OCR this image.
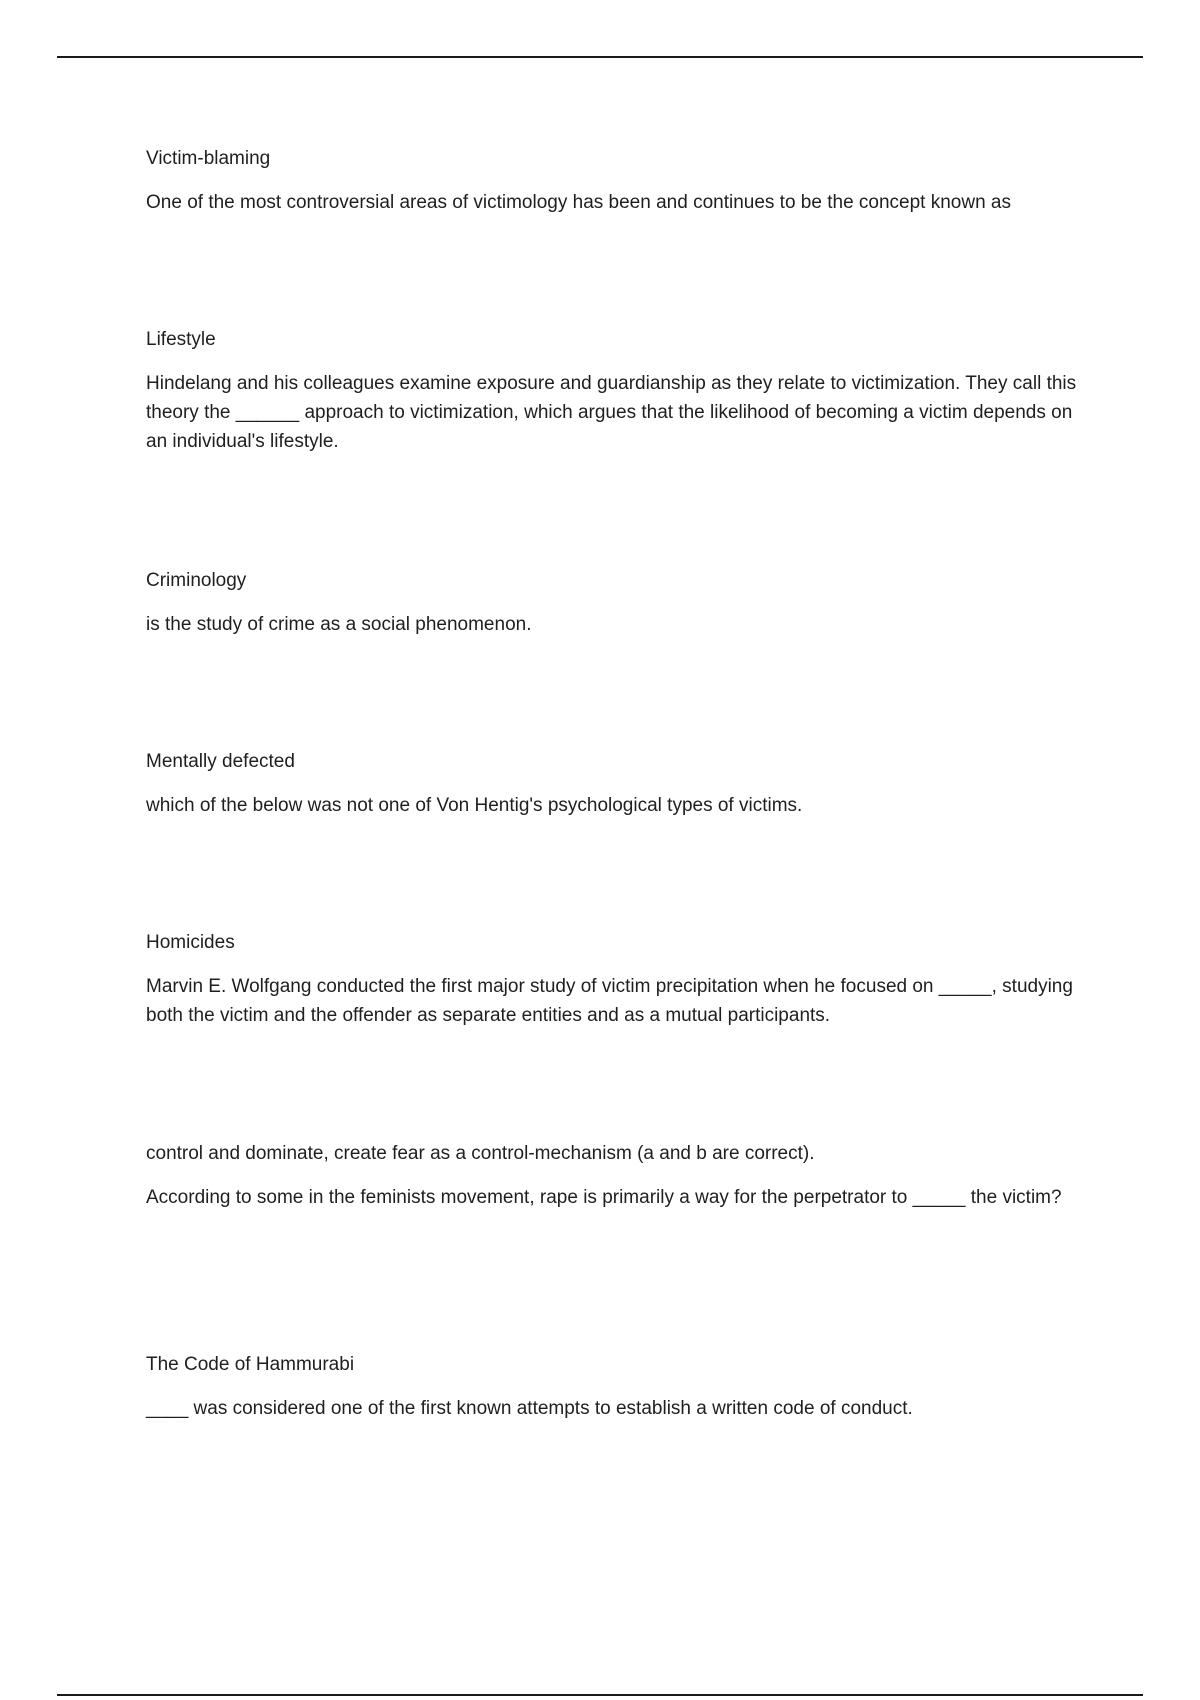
Victim-blaming

One of the most controversial areas of victimology has been and continues to be the concept known as

Lifestyle

Hindelang and his colleagues examine exposure and guardianship as they relate to victimization. They call this theory the ______ approach to victimization, which argues that the likelihood of becoming a victim depends on an individual's lifestyle.

Criminology

is the study of crime as a social phenomenon.

Mentally defected

which of the below was not one of Von Hentig's psychological types of victims.

Homicides

Marvin E. Wolfgang conducted the first major study of victim precipitation when he focused on _____, studying both the victim and the offender as separate entities and as a mutual participants.

control and dominate, create fear as a control-mechanism (a and b are correct).

According to some in the feminists movement, rape is primarily a way for the perpetrator to _____ the victim?

The Code of Hammurabi

____ was considered one of the first known attempts to establish a written code of conduct.
